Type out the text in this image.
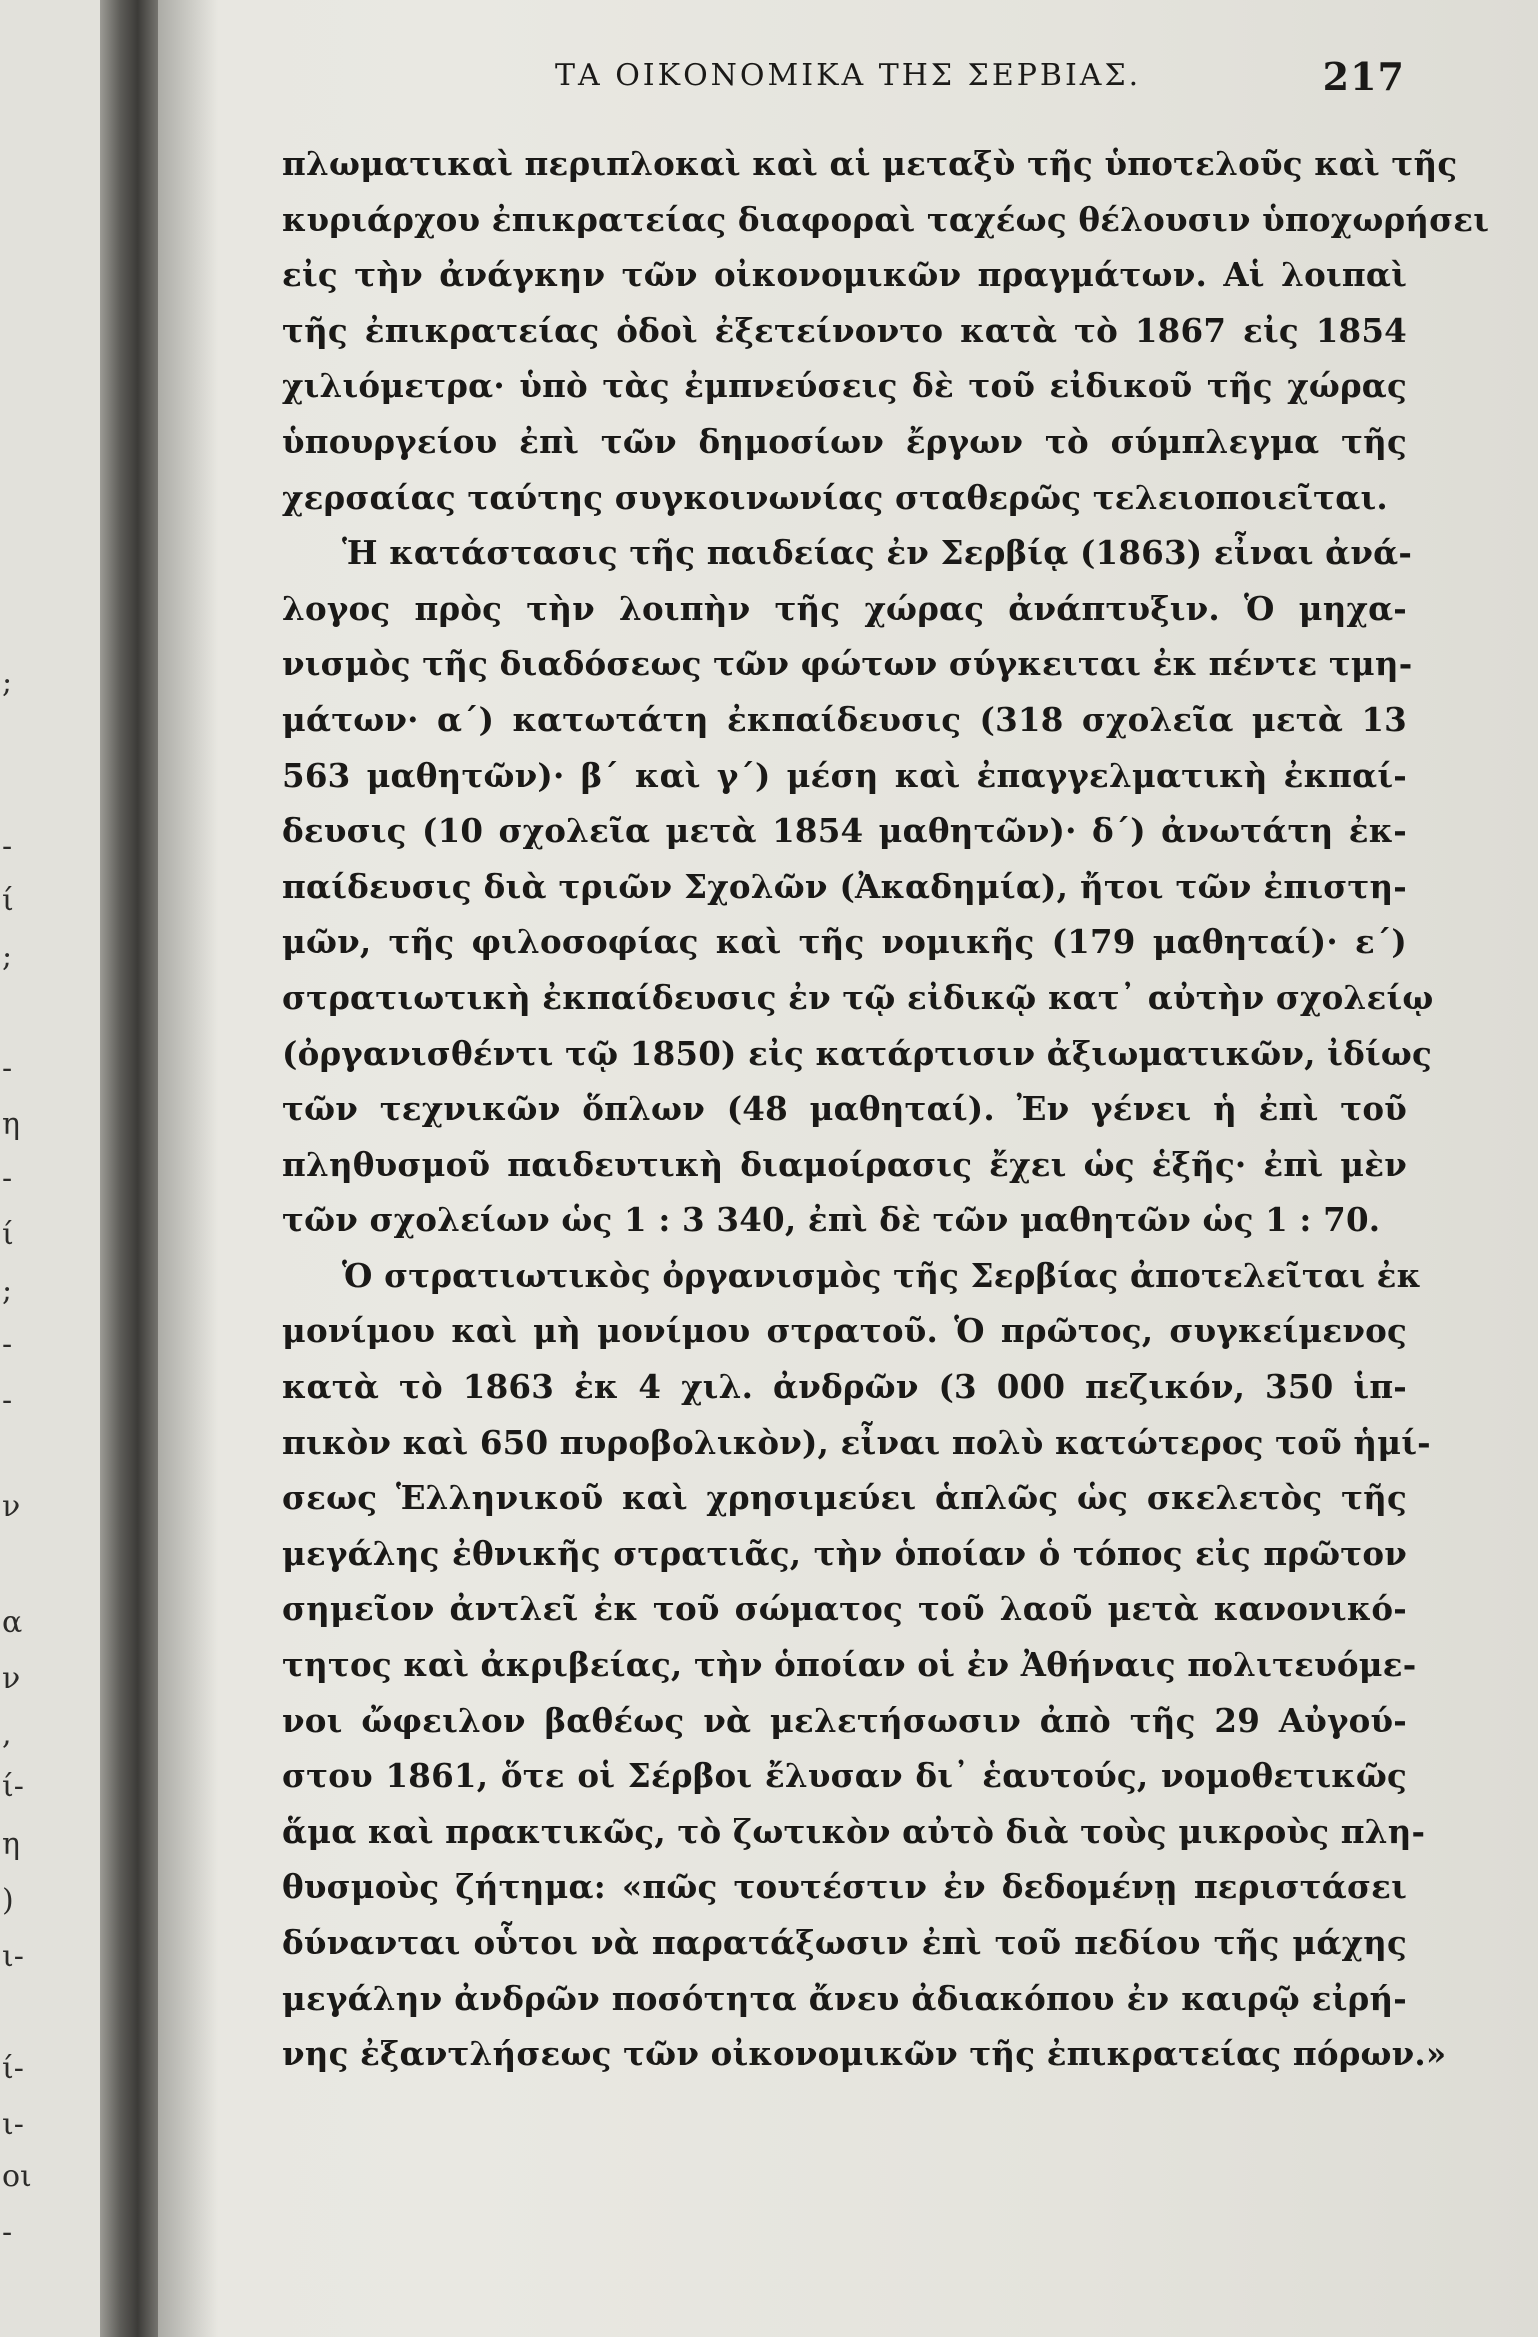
;
-
ί
;
-
η
-
ί
;
-
-
ν
α
ν
,
ί-
η
)
ι-
ί-
ι-
οι
-
ΤΑ ΟΙΚΟΝΟΜΙΚΑ ΤΗΣ ΣΕΡΒΙΑΣ.	217
πλωματικαὶ περιπλοκαὶ καὶ αἱ μεταξὺ τῆς ὑποτελοῦς καὶ τῆς
κυριάρχου ἐπικρατείας διαφοραὶ ταχέως θέλουσιν ὑποχωρήσει
εἰς τὴν ἀνάγκην τῶν οἰκονομικῶν πραγμάτων. Αἱ λοιπαὶ
τῆς ἐπικρατείας ὁδοὶ ἐξετείνοντο κατὰ τὸ 1867 εἰς 1854
χιλιόμετρα· ὑπὸ τὰς ἐμπνεύσεις δὲ τοῦ εἰδικοῦ τῆς χώρας
ὑπουργείου ἐπὶ τῶν δημοσίων ἔργων τὸ σύμπλεγμα τῆς
χερσαίας ταύτης συγκοινωνίας σταθερῶς τελειοποιεῖται.
Ἡ κατάστασις τῆς παιδείας ἐν Σερβίᾳ (1863) εἶναι ἀνά-
λογος πρὸς τὴν λοιπὴν τῆς χώρας ἀνάπτυξιν. Ὁ μηχα-
νισμὸς τῆς διαδόσεως τῶν φώτων σύγκειται ἐκ πέντε τμη-
μάτων· α΄) κατωτάτη ἐκπαίδευσις (318 σχολεῖα μετὰ 13
563 μαθητῶν)· β΄ καὶ γ΄) μέση καὶ ἐπαγγελματικὴ ἐκπαί-
δευσις (10 σχολεῖα μετὰ 1854 μαθητῶν)· δ΄) ἀνωτάτη ἐκ-
παίδευσις διὰ τριῶν Σχολῶν (Ἀκαδημία), ἤτοι τῶν ἐπιστη-
μῶν, τῆς φιλοσοφίας καὶ τῆς νομικῆς (179 μαθηταί)· ε΄)
στρατιωτικὴ ἐκπαίδευσις ἐν τῷ εἰδικῷ κατ᾽ αὐτὴν σχολείῳ
(ὀργανισθέντι τῷ 1850) εἰς κατάρτισιν ἀξιωματικῶν, ἰδίως
τῶν τεχνικῶν ὅπλων (48 μαθηταί). Ἐν γένει ἡ ἐπὶ τοῦ
πληθυσμοῦ παιδευτικὴ διαμοίρασις ἔχει ὡς ἑξῆς· ἐπὶ μὲν
τῶν σχολείων ὡς 1 : 3 340, ἐπὶ δὲ τῶν μαθητῶν ὡς 1 : 70.
Ὁ στρατιωτικὸς ὀργανισμὸς τῆς Σερβίας ἀποτελεῖται ἐκ
μονίμου καὶ μὴ μονίμου στρατοῦ. Ὁ πρῶτος, συγκείμενος
κατὰ τὸ 1863 ἐκ 4 χιλ. ἀνδρῶν (3 000 πεζικόν, 350 ἱπ-
πικὸν καὶ 650 πυροβολικὸν), εἶναι πολὺ κατώτερος τοῦ ἡμί-
σεως Ἑλληνικοῦ καὶ χρησιμεύει ἁπλῶς ὡς σκελετὸς τῆς
μεγάλης ἐθνικῆς στρατιᾶς, τὴν ὁποίαν ὁ τόπος εἰς πρῶτον
σημεῖον ἀντλεῖ ἐκ τοῦ σώματος τοῦ λαοῦ μετὰ κανονικό-
τητος καὶ ἀκριβείας, τὴν ὁποίαν οἱ ἐν Ἀθήναις πολιτευόμε-
νοι ὤφειλον βαθέως νὰ μελετήσωσιν ἀπὸ τῆς 29 Αὐγού-
στου 1861, ὅτε οἱ Σέρβοι ἔλυσαν δι᾽ ἑαυτούς, νομοθετικῶς
ἅμα καὶ πρακτικῶς, τὸ ζωτικὸν αὐτὸ διὰ τοὺς μικροὺς πλη-
θυσμοὺς ζήτημα: «πῶς τουτέστιν ἐν δεδομένῃ περιστάσει
δύνανται οὗτοι νὰ παρατάξωσιν ἐπὶ τοῦ πεδίου τῆς μάχης
μεγάλην ἀνδρῶν ποσότητα ἄνευ ἀδιακόπου ἐν καιρῷ εἰρή-
νης ἐξαντλήσεως τῶν οἰκονομικῶν τῆς ἐπικρατείας πόρων.»
